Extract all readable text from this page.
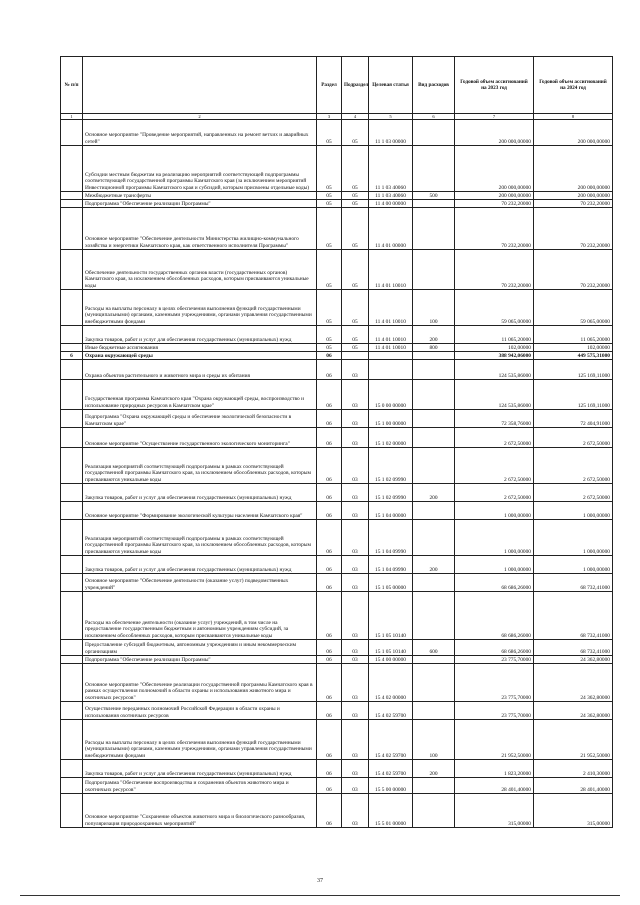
№ п/п		Раздел	Подраздел	Целевая статья	Вид расходов	Годовой объем ассигнований на 2023 год	Годовой объем ассигнований на 2024 год
1	2	3	4	5	6	7	8
	Основное мероприятие "Проведение мероприятий, направленных на ремонт ветхих и аварийных сетей"	05	05	11 1 03 00000		200 000,00000	200 000,00000
	Субсидии местным бюджетам на реализацию мероприятий соответствующей подпрограммы соответствующей государственной программы Камчатского края (за исключением мероприятий Инвестиционной программы Камчатского края и субсидий, которым присвоены отдельные коды)	05	05	11 1 03 40060		200 000,00000	200 000,00000
	Межбюджетные трансферты	05	05	11 1 03 40060	500	200 000,00000	200 000,00000
	Подпрограмма "Обеспечение реализации Программы"	05	05	11 4 00 00000		70 232,20000	70 232,20000
	Основное мероприятие "Обеспечение деятельности Министерства жилищно-коммунального хозяйства и энергетики Камчатского края, как ответственного исполнителя Программы"	05	05	11 4 01 00000		70 232,20000	70 232,20000
	Обеспечение деятельности государственных органов власти (государственных органов) Камчатского края, за исключением обособленных расходов, которым присваиваются уникальные коды	05	05	11 4 01 10010		70 232,20000	70 232,20000
	Расходы на выплаты персоналу в целях обеспечения выполнения функций государственными (муниципальными) органами, казенными учреждениями, органами управления государственными внебюджетными фондами	05	05	11 4 01 10010	100	59 065,00000	59 065,00000
	Закупка товаров, работ и услуг для обеспечения государственных (муниципальных) нужд	05	05	11 4 01 10010	200	11 065,20000	11 065,20000
	Иные бюджетные ассигнования	05	05	11 4 01 10010	800	102,00000	102,00000
6	Охрана окружающей среды	06				388 942,06000	449 575,31000
	Охрана объектов растительного и животного мира и среды их обитания	06	03			124 535,86000	125 169,11000
	Государственная программа Камчатского края "Охрана окружающей среды, воспроизводство и использование природных ресурсов в Камчатском крае"	06	03	15 0 00 00000		124 535,86000	125 169,11000
	Подпрограмма "Охрана окружающей среды и обеспечение экологической безопасности в Камчатском крае"	06	03	15 1 00 00000		72 358,76000	72 404,91000
	Основное мероприятие "Осуществление государственного экологического мониторинга"	06	03	15 1 02 00000		2 672,50000	2 672,50000
	Реализация мероприятий соответствующей подпрограммы в рамках соответствующей государственной программы Камчатского края, за исключением обособленных расходов, которым присваиваются уникальные коды	06	03	15 1 02 09990		2 672,50000	2 672,50000
	Закупка товаров, работ и услуг для обеспечения государственных (муниципальных) нужд	06	03	15 1 02 09990	200	2 672,50000	2 672,50000
	Основное мероприятие "Формирование экологической культуры населения Камчатского края"	06	03	15 1 04 00000		1 000,00000	1 000,00000
	Реализация мероприятий соответствующей подпрограммы в рамках соответствующей государственной программы Камчатского края, за исключением обособленных расходов, которым присваиваются уникальные коды	06	03	15 1 04 09990		1 000,00000	1 000,00000
	Закупка товаров, работ и услуг для обеспечения государственных (муниципальных) нужд	06	03	15 1 04 09990	200	1 000,00000	1 000,00000
	Основное мероприятие "Обеспечение деятельности (оказание услуг) подведомственных учреждений"	06	03	15 1 05 00000		68 686,26000	68 732,41000
	Расходы на обеспечение деятельности (оказание услуг) учреждений, в том числе на предоставление государственным бюджетным и автономным учреждениям субсидий, за исключением обособленных расходов, которым присваиваются уникальные коды	06	03	15 1 05 10140		68 686,26000	68 732,41000
	Предоставление субсидий бюджетным, автономным учреждениям и иным некоммерческим организациям	06	03	15 1 05 10140	600	68 686,26000	68 732,41000
	Подпрограмма "Обеспечение реализации Программы"	06	03	15 4 00 00000		23 775,70000	24 362,80000
	Основное мероприятие "Обеспечение реализации государственной программы Камчатского края в рамках осуществления полномочий в области охраны и использования животного мира и охотничьих ресурсов"	06	03	15 4 02 00000		23 775,70000	24 362,80000
	Осуществление переданных полномочий Российской Федерации в области охраны и использования охотничьих ресурсов	06	03	15 4 02 59700		23 775,70000	24 362,80000
	Расходы на выплаты персоналу в целях обеспечения выполнения функций государственными (муниципальными) органами, казенными учреждениями, органами управления государственными внебюджетными фондами	06	03	15 4 02 59700	100	21 952,50000	21 952,50000
	Закупка товаров, работ и услуг для обеспечения государственных (муниципальных) нужд	06	03	15 4 02 59700	200	1 823,20000	2 410,30000
	Подпрограмма "Обеспечение воспроизводства и сохранения объектов животного мира и охотничьих ресурсов"	06	03	15 5 00 00000		28 401,40000	28 401,40000
	Основное мероприятие "Сохранение объектов животного мира и биологического разнообразия, популяризация природоохранных мероприятий"	06	03	15 5 01 00000		315,00000	315,00000
37
